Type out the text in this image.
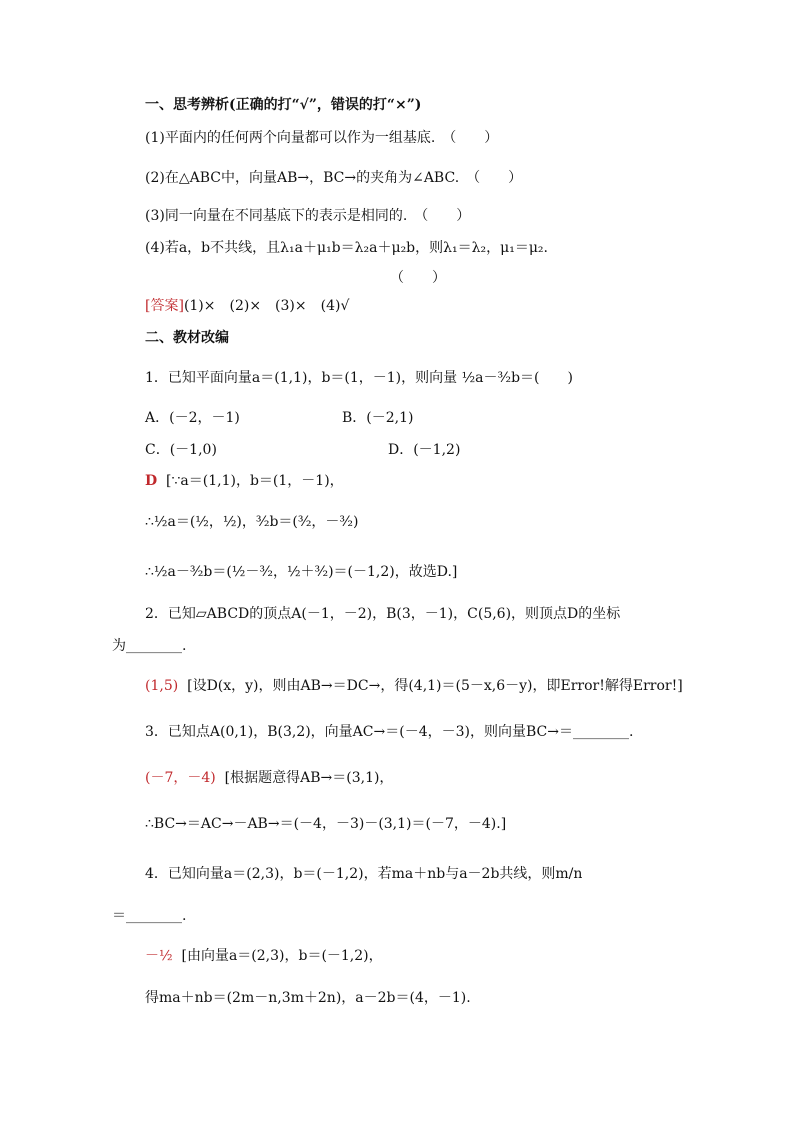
一、思考辨析(正确的打“√”，错误的打“×”)
(1)平面内的任何两个向量都可以作为一组基底.　（　　）
(2)在△ABC中，向量AB→，BC→的夹角为∠ABC.　（　　）
(3)同一向量在不同基底下的表示是相同的.　（　　）
(4)若a，b不共线，且λ₁a＋μ₁b＝λ₂a＋μ₂b，则λ₁＝λ₂，μ₁＝μ₂.
（　　）
[答案](1)×　(2)×　(3)×　(4)√
二、教材改编
1．已知平面向量a＝(1,1)，b＝(1，－1)，则向量 ½a－³⁄₂b＝(　　)
A．(－2，－1)	B．(－2,1)
C．(－1,0)	D．(－1,2)
D [∵a＝(1,1)，b＝(1，－1)，
∴½a＝(½，½)，³⁄₂b＝(³⁄₂，－³⁄₂)
∴½a－³⁄₂b＝(½－³⁄₂，½＋³⁄₂)＝(－1,2)，故选D.]
2．已知▱ABCD的顶点A(－1，－2)，B(3，－1)，C(5,6)，则顶点D的坐标
为________.
(1,5) [设D(x，y)，则由AB→＝DC→，得(4,1)＝(5－x,6－y)，即Error!解得Error!]
3．已知点A(0,1)，B(3,2)，向量AC→＝(－4，－3)，则向量BC→＝________.
(－7，－4) [根据题意得AB→＝(3,1)，
∴BC→＝AC→－AB→＝(－4，－3)－(3,1)＝(－7，－4).]
4．已知向量a＝(2,3)，b＝(－1,2)，若ma＋nb与a－2b共线，则m/n
＝________.
－½ [由向量a＝(2,3)，b＝(－1,2)，
得ma＋nb＝(2m－n,3m＋2n)，a－2b＝(4，－1).
